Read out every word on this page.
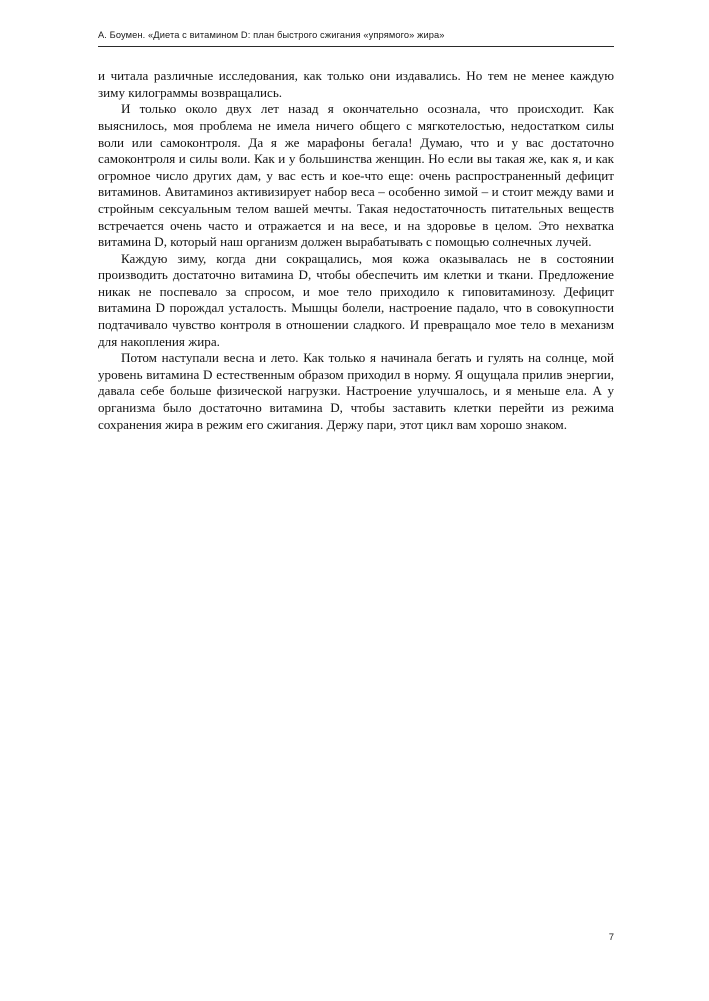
А. Боумен. «Диета с витамином D: план быстрого сжигания «упрямого» жира»

и читала различные исследования, как только они издавались. Но тем не менее каждую зиму килограммы возвращались.

И только около двух лет назад я окончательно осознала, что происходит. Как выяснилось, моя проблема не имела ничего общего с мягкотелостью, недостатком силы воли или самоконтроля. Да я же марафоны бегала! Думаю, что и у вас достаточно самоконтроля и силы воли. Как и у большинства женщин. Но если вы такая же, как я, и как огромное число других дам, у вас есть и кое-что еще: очень распространенный дефицит витаминов. Авитаминоз активизирует набор веса – особенно зимой – и стоит между вами и стройным сексуальным телом вашей мечты. Такая недостаточность питательных веществ встречается очень часто и отражается и на весе, и на здоровье в целом. Это нехватка витамина D, который наш организм должен вырабатывать с помощью солнечных лучей.

Каждую зиму, когда дни сокращались, моя кожа оказывалась не в состоянии производить достаточно витамина D, чтобы обеспечить им клетки и ткани. Предложение никак не поспевало за спросом, и мое тело приходило к гиповитаминозу. Дефицит витамина D порождал усталость. Мышцы болели, настроение падало, что в совокупности подтачивало чувство контроля в отношении сладкого. И превращало мое тело в механизм для накопления жира.

Потом наступали весна и лето. Как только я начинала бегать и гулять на солнце, мой уровень витамина D естественным образом приходил в норму. Я ощущала прилив энергии, давала себе больше физической нагрузки. Настроение улучшалось, и я меньше ела. А у организма было достаточно витамина D, чтобы заставить клетки перейти из режима сохранения жира в режим его сжигания. Держу пари, этот цикл вам хорошо знаком.

7
